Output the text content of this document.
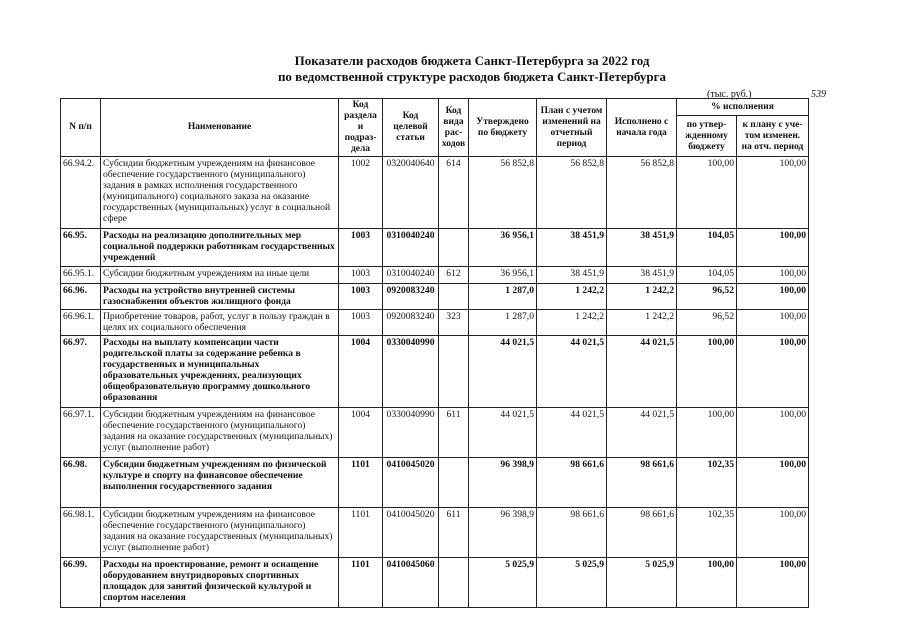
Показатели расходов бюджета Санкт-Петербурга за 2022 год
по ведомственной структуре расходов бюджета Санкт-Петербурга
(тыс. руб.)	539
N п/п	Наименование	Код раздела и подраз-дела	Код целевой статьи	Код вида рас-ходов	Утверждено по бюджету	План с учетом изменений на отчетный период	Исполнено с начала года	% исполнения	
								по утвер-жденному бюджету	к плану с уче-том изменен. на отч. период
66.94.2.	Субсидии бюджетным учреждениям на финансовое обеспечение государственного (муниципального) задания в рамках исполнения государственного (муниципального) социального заказа на оказание государственных (муниципальных) услуг в социальной сфере	1002	0320040640	614	56 852,8	56 852,8	56 852,8	100,00	100,00
66.95.	Расходы на реализацию дополнительных мер социальной поддержки работникам государственных учреждений	1003	0310040240		36 956,1	38 451,9	38 451,9	104,05	100,00
66.95.1.	Субсидии бюджетным учреждениям на иные цели	1003	0310040240	612	36 956,1	38 451,9	38 451,9	104,05	100,00
66.96.	Расходы на устройство внутренней системы газоснабжения объектов жилищного фонда	1003	0920083240		1 287,0	1 242,2	1 242,2	96,52	100,00
66.96.1.	Приобретение товаров, работ, услуг в пользу граждан в целях их социального обеспечения	1003	0920083240	323	1 287,0	1 242,2	1 242,2	96,52	100,00
66.97.	Расходы на выплату компенсации части родительской платы за содержание ребенка в государственных и муниципальных образовательных учреждениях, реализующих общеобразовательную программу дошкольного образования	1004	0330040990		44 021,5	44 021,5	44 021,5	100,00	100,00
66.97.1.	Субсидии бюджетным учреждениям на финансовое обеспечение государственного (муниципального) задания на оказание государственных (муниципальных) услуг (выполнение работ)	1004	0330040990	611	44 021,5	44 021,5	44 021,5	100,00	100,00
66.98.	Субсидии бюджетным учреждениям по физической культуре и спорту на финансовое обеспечение выполнения государственного задания	1101	0410045020		96 398,9	98 661,6	98 661,6	102,35	100,00
66.98.1.	Субсидии бюджетным учреждениям на финансовое обеспечение государственного (муниципального) задания на оказание государственных (муниципальных) услуг (выполнение работ)	1101	0410045020	611	96 398,9	98 661,6	98 661,6	102,35	100,00
66.99.	Расходы на проектирование, ремонт и оснащение оборудованием внутридворовых спортивных площадок для занятий физической культурой и спортом населения	1101	0410045060		5 025,9	5 025,9	5 025,9	100,00	100,00
